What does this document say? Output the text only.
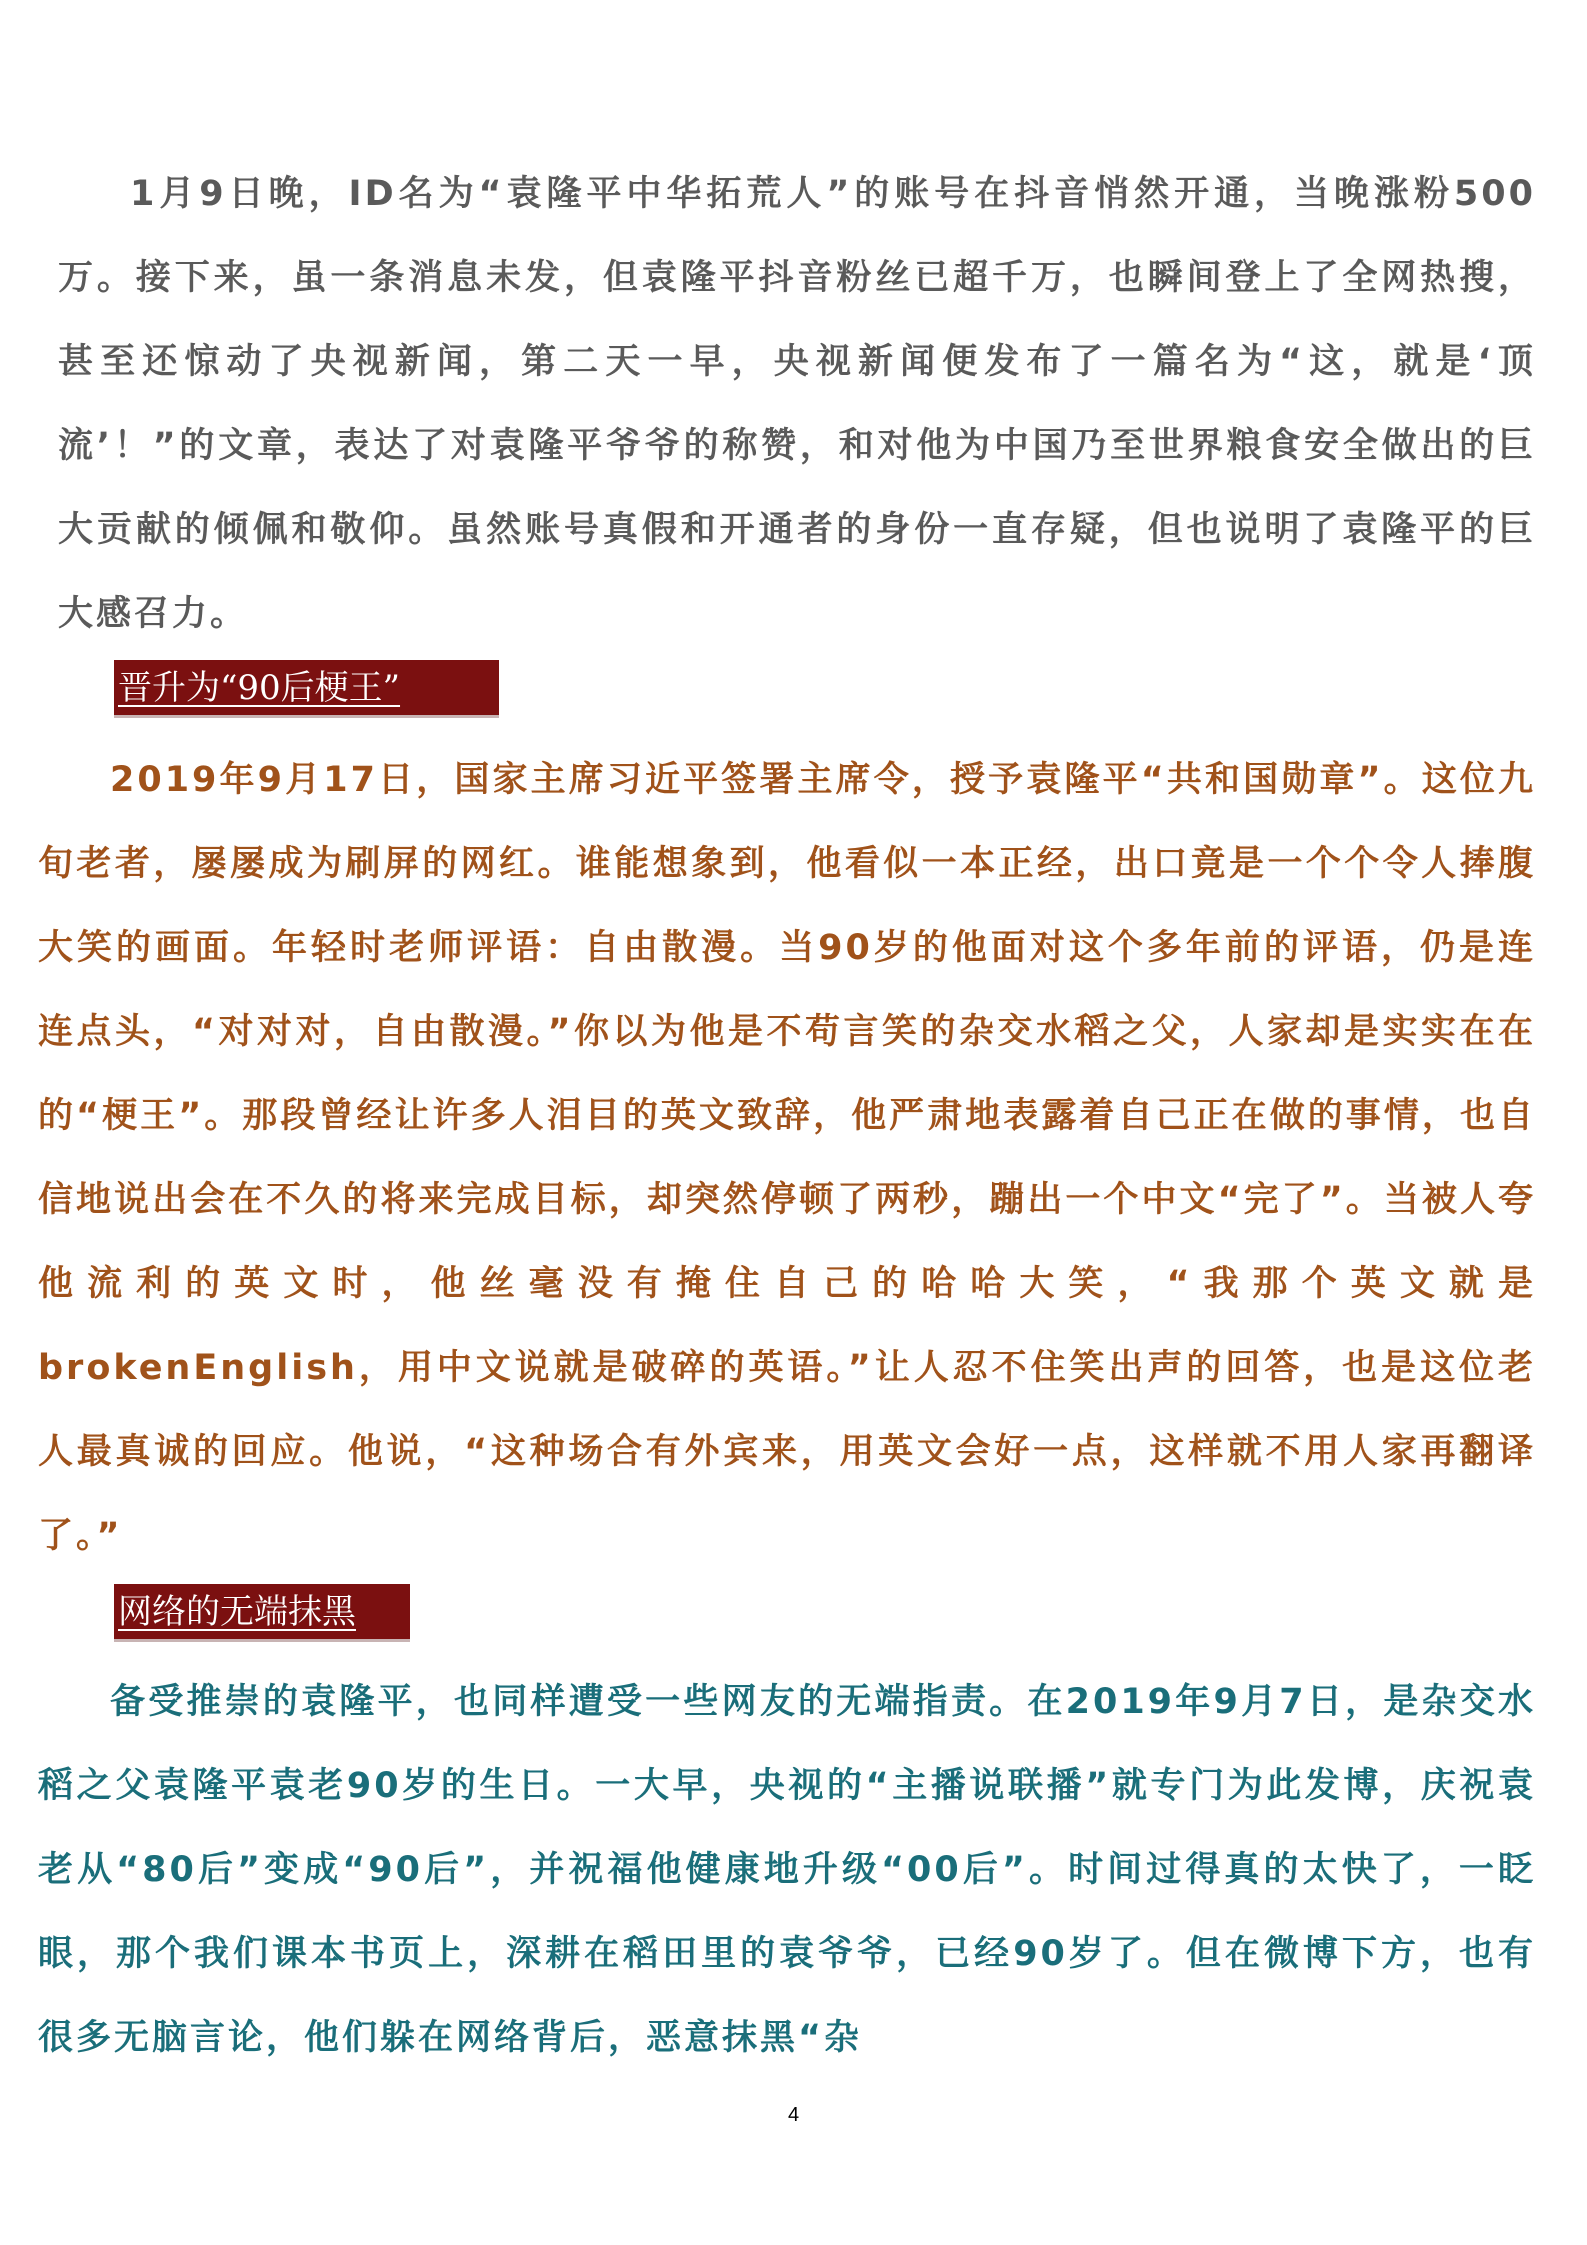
1月9日晚，ID名为“袁隆平中华拓荒人”的账号在抖音悄然开通，当晚涨粉500万。接下来，虽一条消息未发，但袁隆平抖音粉丝已超千万，也瞬间登上了全网热搜，甚至还惊动了央视新闻，第二天一早，央视新闻便发布了一篇名为“这，就是‘顶流’！”的文章，表达了对袁隆平爷爷的称赞，和对他为中国乃至世界粮食安全做出的巨大贡献的倾佩和敬仰。虽然账号真假和开通者的身份一直存疑，但也说明了袁隆平的巨大感召力。

晋升为“90后梗王”

2019年9月17日，国家主席习近平签署主席令，授予袁隆平“共和国勋章”。这位九旬老者，屡屡成为刷屏的网红。谁能想象到，他看似一本正经，出口竟是一个个令人捧腹大笑的画面。年轻时老师评语：自由散漫。当90岁的他面对这个多年前的评语，仍是连连点头，“对对对，自由散漫。”你以为他是不苟言笑的杂交水稻之父，人家却是实实在在的“梗王”。那段曾经让许多人泪目的英文致辞，他严肃地表露着自己正在做的事情，也自信地说出会在不久的将来完成目标，却突然停顿了两秒，蹦出一个中文“完了”。当被人夸他流利的英文时，他丝毫没有掩住自己的哈哈大笑，“我那个英文就是brokenEnglish，用中文说就是破碎的英语。”让人忍不住笑出声的回答，也是这位老人最真诚的回应。他说，“这种场合有外宾来，用英文会好一点，这样就不用人家再翻译了。”

网络的无端抹黑

备受推崇的袁隆平，也同样遭受一些网友的无端指责。在2019年9月7日，是杂交水稻之父袁隆平袁老90岁的生日。一大早，央视的“主播说联播”就专门为此发博，庆祝袁老从“80后”变成“90后”，并祝福他健康地升级“00后”。时间过得真的太快了，一眨眼，那个我们课本书页上，深耕在稻田里的袁爷爷，已经90岁了。但在微博下方，也有很多无脑言论，他们躲在网络背后，恶意抹黑“杂

4
